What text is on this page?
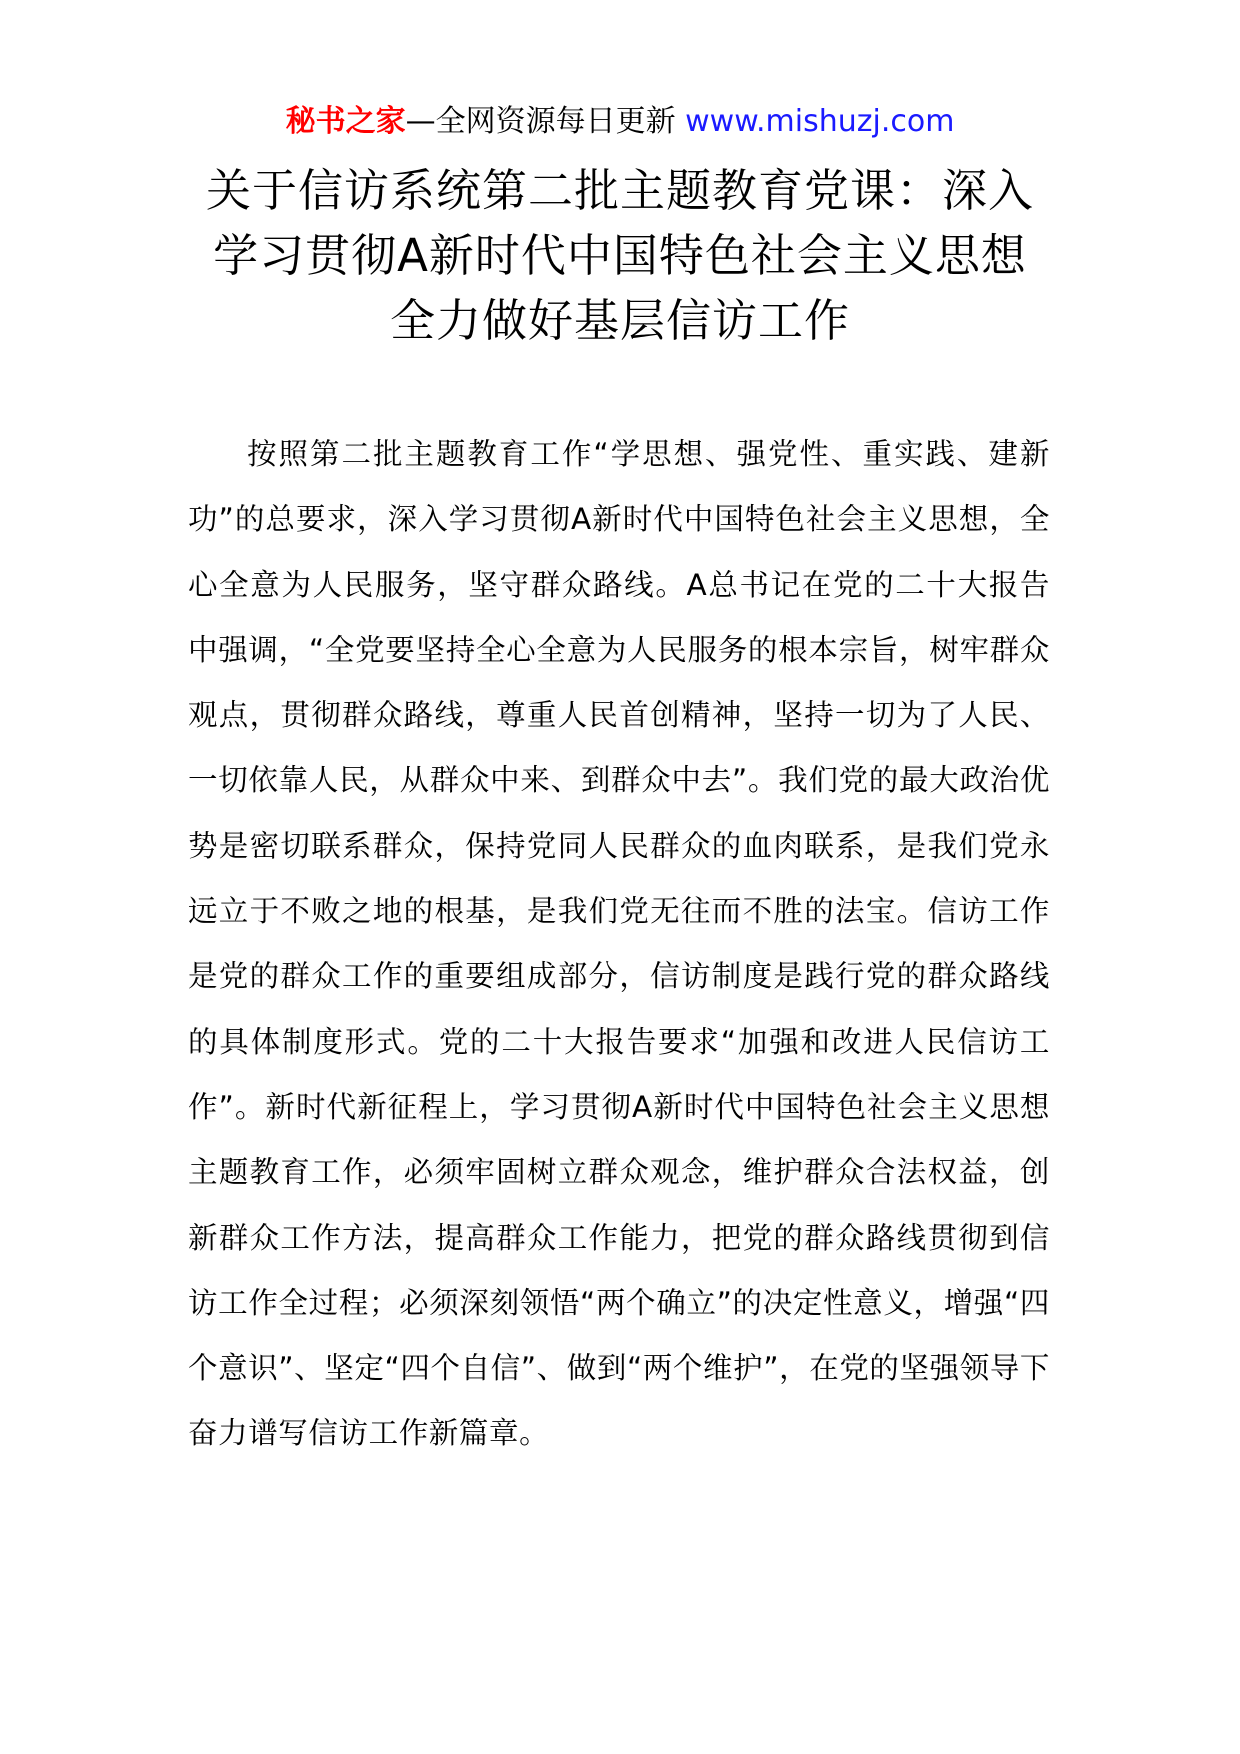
秘书之家—全网资源每日更新 www.mishuzj.com
关于信访系统第二批主题教育党课：深入
学习贯彻A新时代中国特色社会主义思想
全力做好基层信访工作

按照第二批主题教育工作“学思想、强党性、重实践、建新功”的总要求，深入学习贯彻A新时代中国特色社会主义思想，全心全意为人民服务，坚守群众路线。A总书记在党的二十大报告中强调，“全党要坚持全心全意为人民服务的根本宗旨，树牢群众观点，贯彻群众路线，尊重人民首创精神，坚持一切为了人民、一切依靠人民，从群众中来、到群众中去”。我们党的最大政治优势是密切联系群众，保持党同人民群众的血肉联系，是我们党永远立于不败之地的根基，是我们党无往而不胜的法宝。信访工作是党的群众工作的重要组成部分，信访制度是践行党的群众路线的具体制度形式。党的二十大报告要求“加强和改进人民信访工作”。新时代新征程上，学习贯彻A新时代中国特色社会主义思想主题教育工作，必须牢固树立群众观念，维护群众合法权益，创新群众工作方法，提高群众工作能力，把党的群众路线贯彻到信访工作全过程；必须深刻领悟“两个确立”的决定性意义，增强“四个意识”、坚定“四个自信”、做到“两个维护”，在党的坚强领导下奋力谱写信访工作新篇章。
